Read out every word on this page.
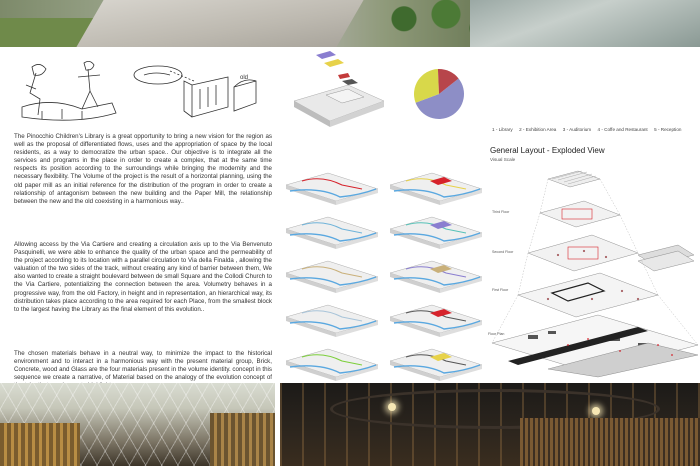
old

The Pinocchio Children's Library is a great opportunity to bring a new vision for the region as well as the proposal of differentiated flows, uses and the appropriation of space by the local residents, as a way to democratize the urban space.. Our objective is to integrate all the services and programs in the place in order to create a complex, that at the same time respects its position according to the surroundings while bringing the modernity and the necessary flexibility. The Volume of the project is the result of a horizontal planning, using the old paper mill as an initial reference for the distribution of the program in order to create a relationship of antagonism between the new building and the Paper Mill, the relationship between the new and the old coexisting in a harmonious way..

Allowing access by the Via Cartiere and creating a circulation axis up to the Via Benvenuto Pasquinelli, we were able to enhance the quality of the urban space and the permeability of the project according to its location with a parallel circulation to Via della Finalda , allowing the valuation of the two sides of the track, without creating any kind of barrier between them, We also wanted to create a straight boulevard between de small Square and the Collodi Church to the Via Cartiere, potentializing the connection between the area. Volumetry behaves in a progressive way, from the old Factory, in height and in representation, an hierarchical way, its distribution takes place according to the area required for each Place, from the smallest block to the largest having the Library as the final element of this evolution..

The chosen materials behave in a neutral way, to minimize the impact to the historical environment and to interact in a harmonious way with the present material group, Brick, Concrete, wood and Glass are the four materials present in the volume identity. concept in this sequence we create a narrative, of Material based on the analogy of the evolution concept of

1 - Library 2 - Exhibition Area 3 - Auditorium 4 - Coffe and Restaurant 5 - Reception
General Layout - Exploded View
Visual Scale
Third Floor
Second Floor
First Floor
Floor Plan
